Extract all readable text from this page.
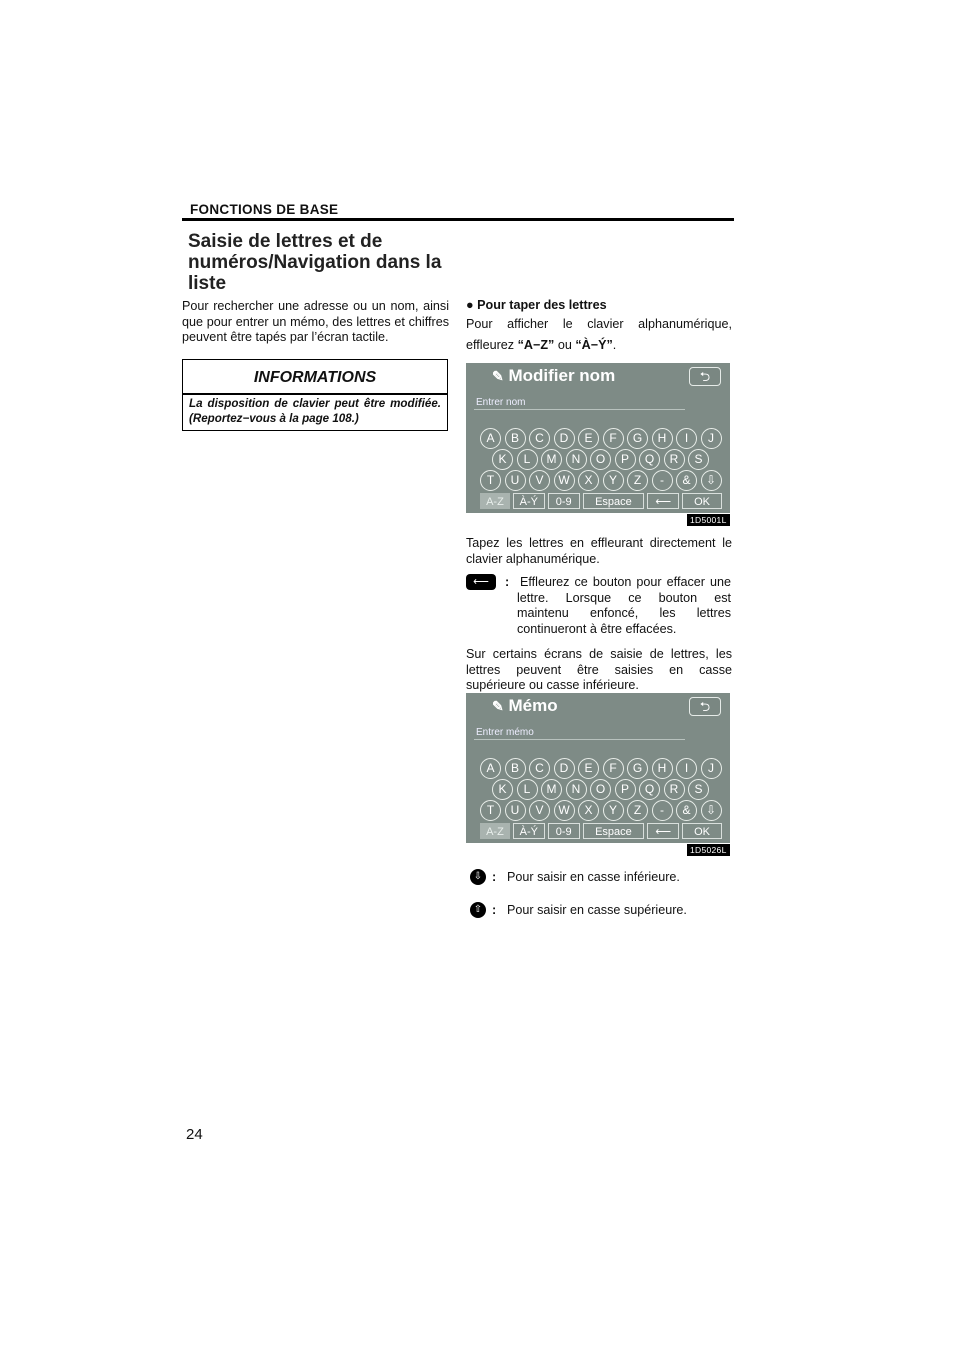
FONCTIONS DE BASE
Saisie de lettres et de numéros/Navigation dans la liste
Pour rechercher une adresse ou un nom, ainsi que pour entrer un mémo, des lettres et chiffres peuvent être tapés par l’écran tactile.
INFORMATIONS
La disposition de clavier peut être modifiée. (Reportez−vous à la page 108.)
● Pour taper des lettres
Pour afficher le clavier alphanumérique,
effleurez “A−Z” ou “À−Ý”.
✎ Modifier nom	⮌
Entrer nom
A	B	C	D	E	F	G	H	I	J
K	L	M	N	O	P	Q	R	S
T	U	V	W	X	Y	Z	-	&	⇩
A-Z	À-Ý	0-9	Espace	⟵	OK
1D5001L
Tapez les lettres en effleurant directement le clavier alphanumérique.
⟵	: Effleurez ce bouton pour effacer une lettre. Lorsque ce bouton est maintenu enfoncé, les lettres continueront à être effacées.
Sur certains écrans de saisie de lettres, les lettres peuvent être saisies en casse supérieure ou casse inférieure.
✎ Mémo	⮌
Entrer mémo
A	B	C	D	E	F	G	H	I	J
K	L	M	N	O	P	Q	R	S
T	U	V	W	X	Y	Z	-	&	⇩
A-Z	À-Ý	0-9	Espace	⟵	OK
1D5026L
⇩ : Pour saisir en casse inférieure.
⇧ : Pour saisir en casse supérieure.
24
